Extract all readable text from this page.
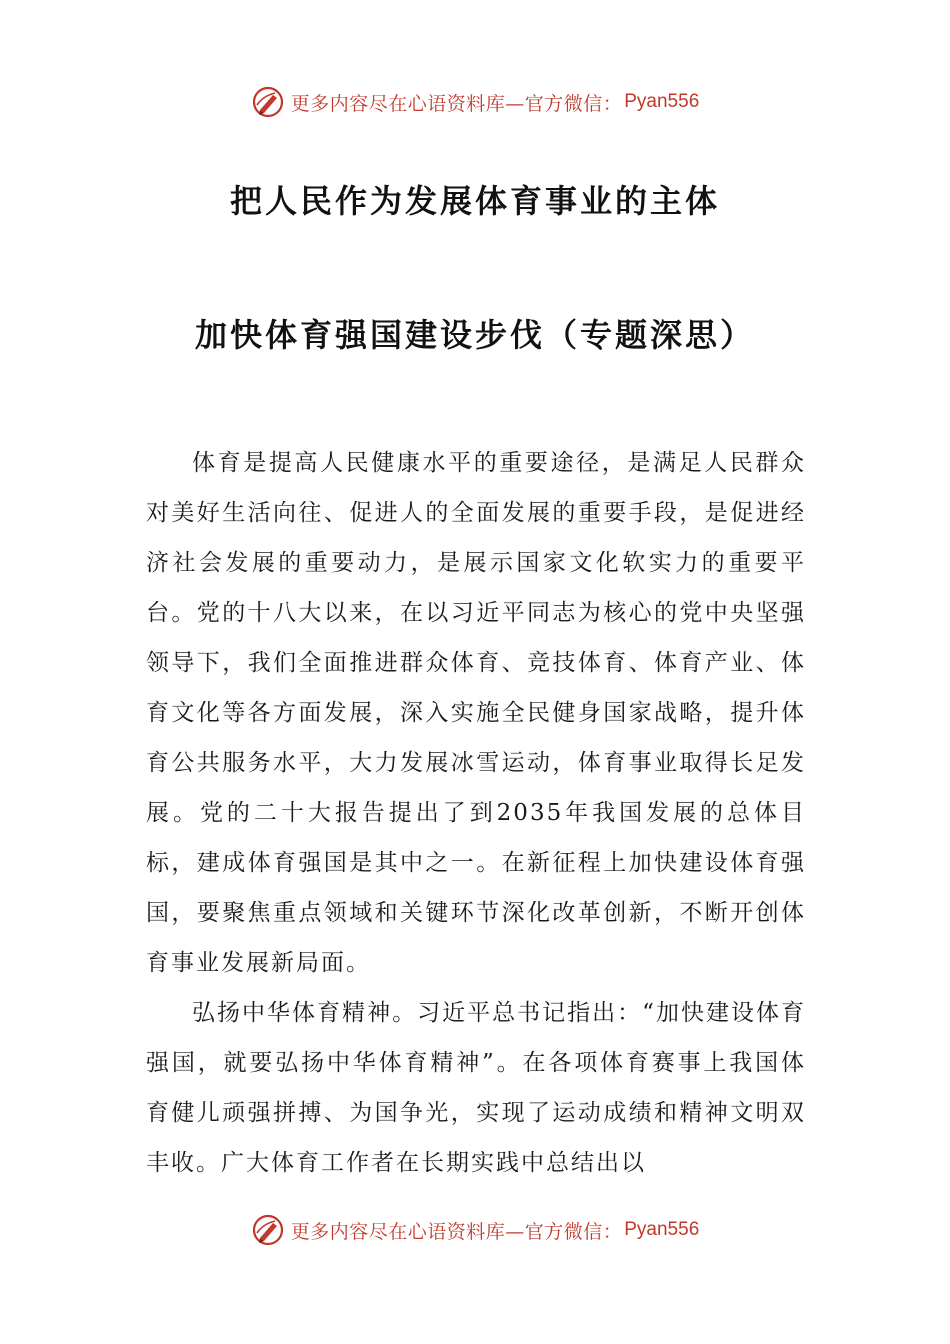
更多内容尽在心语资料库—官方微信： Pyan556
把人民作为发展体育事业的主体
加快体育强国建设步伐（专题深思）

体育是提高人民健康水平的重要途径，是满足人民群众对美好生活向往、促进人的全面发展的重要手段，是促进经济社会发展的重要动力，是展示国家文化软实力的重要平台。党的十八大以来，在以习近平同志为核心的党中央坚强领导下，我们全面推进群众体育、竞技体育、体育产业、体育文化等各方面发展，深入实施全民健身国家战略，提升体育公共服务水平，大力发展冰雪运动，体育事业取得长足发展。党的二十大报告提出了到2035年我国发展的总体目标，建成体育强国是其中之一。在新征程上加快建设体育强国，要聚焦重点领域和关键环节深化改革创新，不断开创体育事业发展新局面。

弘扬中华体育精神。习近平总书记指出：“加快建设体育强国，就要弘扬中华体育精神”。在各项体育赛事上我国体育健儿顽强拼搏、为国争光，实现了运动成绩和精神文明双丰收。广大体育工作者在长期实践中总结出以

更多内容尽在心语资料库—官方微信： Pyan556
